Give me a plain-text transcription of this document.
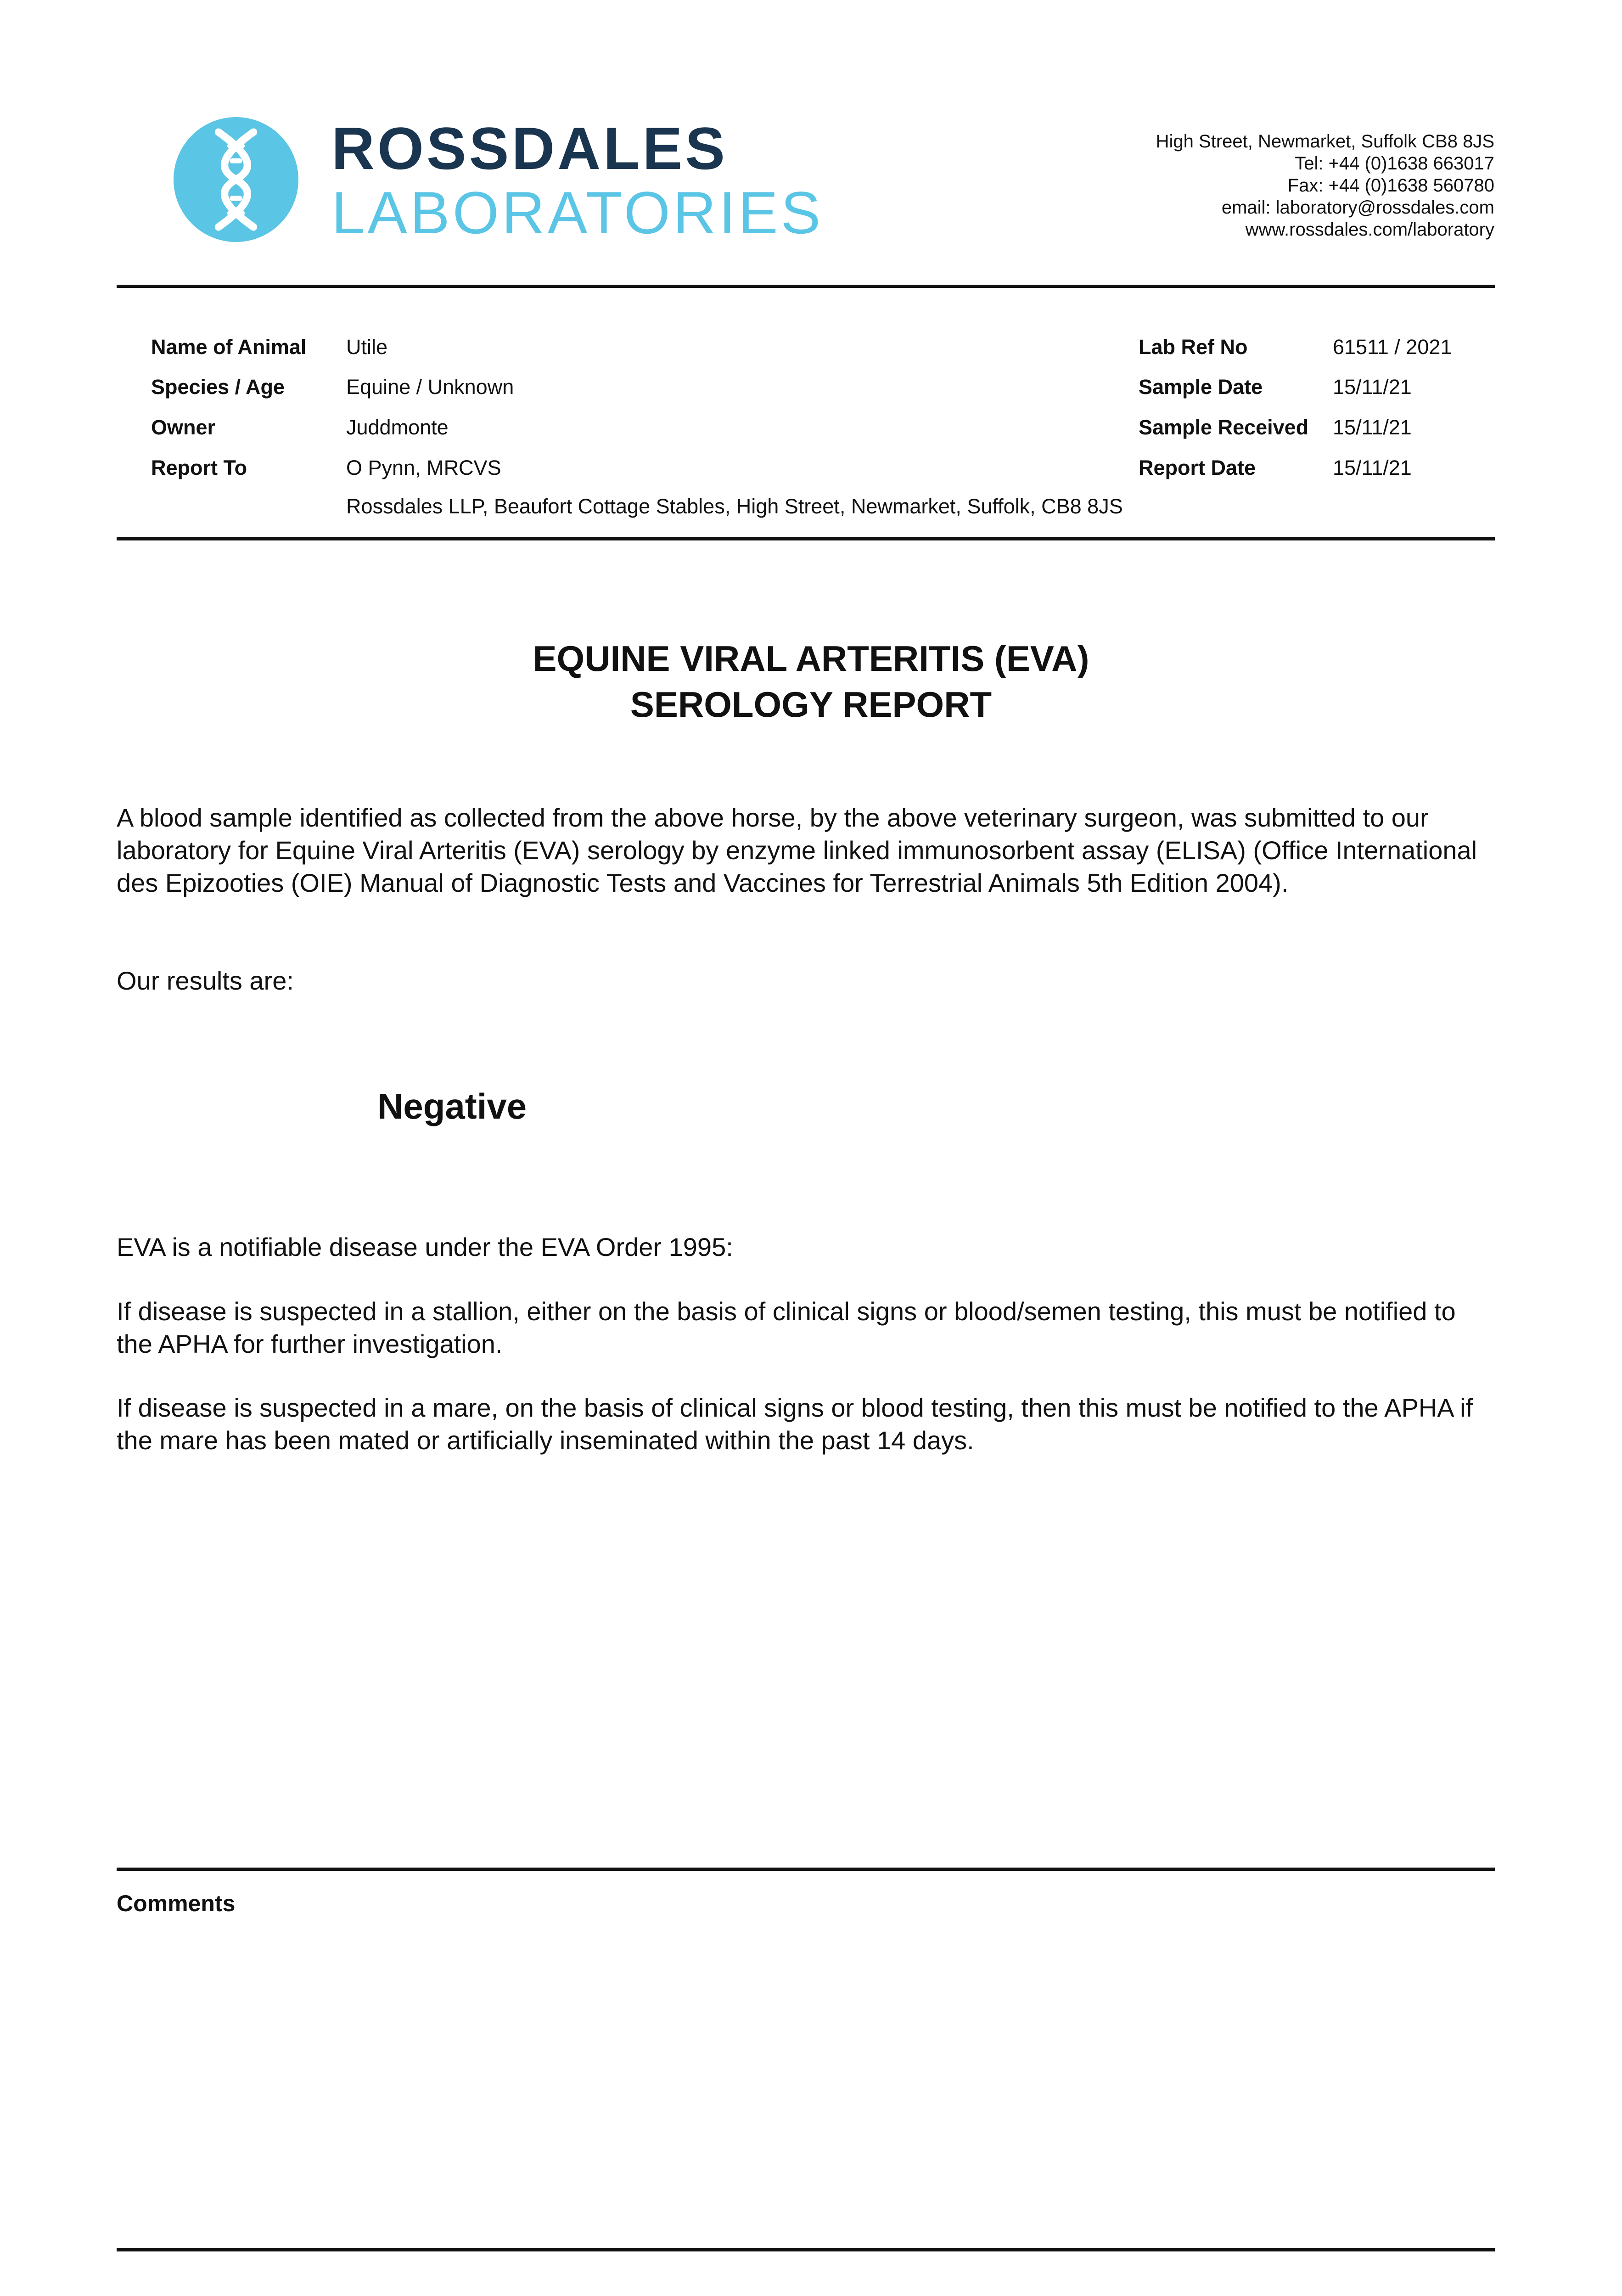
ROSSDALES
LABORATORIES
High Street, Newmarket, Suffolk CB8 8JS
Tel: +44 (0)1638 663017
Fax: +44 (0)1638 560780
email: laboratory@rossdales.com
www.rossdales.com/laboratory
Name of Animal Utile
Species / Age	Equine / Unknown
Owner	Juddmonte
Report To	O Pynn, MRCVS
Rossdales LLP, Beaufort Cottage Stables, High Street, Newmarket, Suffolk, CB8 8JS
Lab Ref No	61511 / 2021
Sample Date	15/11/21
Sample Received 15/11/21
Report Date	15/11/21
EQUINE VIRAL ARTERITIS (EVA)
SEROLOGY REPORT
A blood sample identified as collected from the above horse, by the above veterinary surgeon, was submitted to our laboratory for Equine Viral Arteritis (EVA) serology by enzyme linked immunosorbent assay (ELISA) (Office International des Epizooties (OIE) Manual of Diagnostic Tests and Vaccines for Terrestrial Animals 5th Edition 2004).
Our results are:
Negative
EVA is a notifiable disease under the EVA Order 1995:
If disease is suspected in a stallion, either on the basis of clinical signs or blood/semen testing, this must be notified to the APHA for further investigation.
If disease is suspected in a mare, on the basis of clinical signs or blood testing, then this must be notified to the APHA if the mare has been mated or artificially inseminated within the past 14 days.
Comments
